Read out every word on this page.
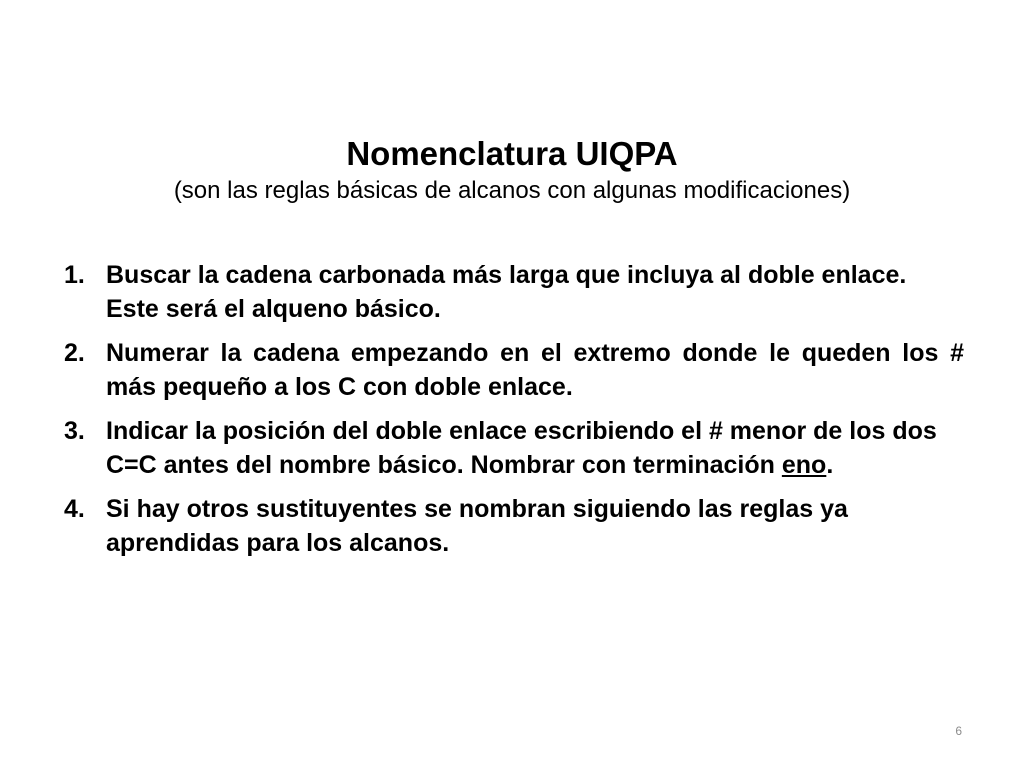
Nomenclatura UIQPA

(son las reglas básicas de alcanos con algunas modificaciones)

1. Buscar la cadena carbonada más larga que incluya al doble enlace. Este será el alqueno básico.
2. Numerar la cadena empezando en el extremo donde le queden los # más pequeño a los C con doble enlace.
3. Indicar la posición del doble enlace escribiendo el # menor de los dos C=C antes del nombre básico. Nombrar con terminación eno.
4. Si hay otros sustituyentes se nombran siguiendo las reglas ya aprendidas para los alcanos.
6
